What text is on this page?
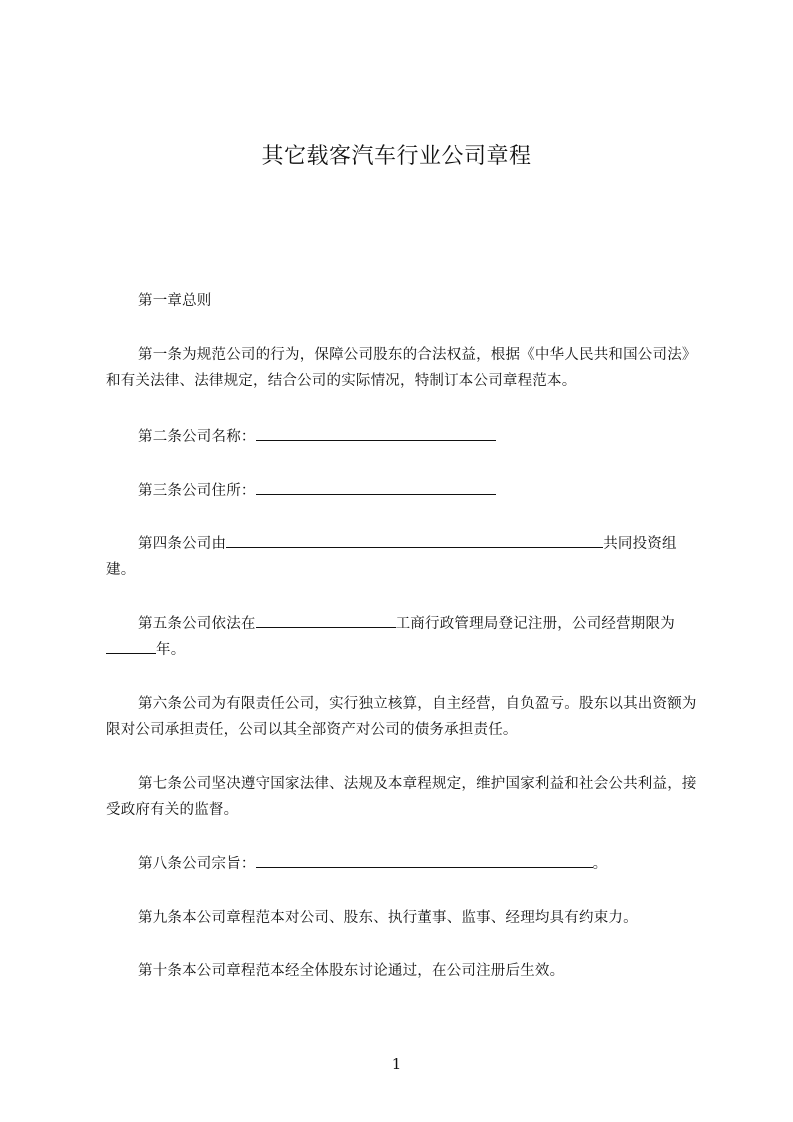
其它载客汽车行业公司章程

第一章总则

第一条为规范公司的行为，保障公司股东的合法权益，根据《中华人民共和国公司法》和有关法律、法律规定，结合公司的实际情况，特制订本公司章程范本。

第二条公司名称：

第三条公司住所：

第四条公司由	共同投资组建。

第五条公司依法在	工商行政管理局登记注册，公司经营期限为年。

第六条公司为有限责任公司，实行独立核算，自主经营，自负盈亏。股东以其出资额为限对公司承担责任，公司以其全部资产对公司的债务承担责任。

第七条公司坚决遵守国家法律、法规及本章程规定，维护国家利益和社会公共利益，接受政府有关的监督。

第八条公司宗旨：	。

第九条本公司章程范本对公司、股东、执行董事、监事、经理均具有约束力。

第十条本公司章程范本经全体股东讨论通过，在公司注册后生效。

1
